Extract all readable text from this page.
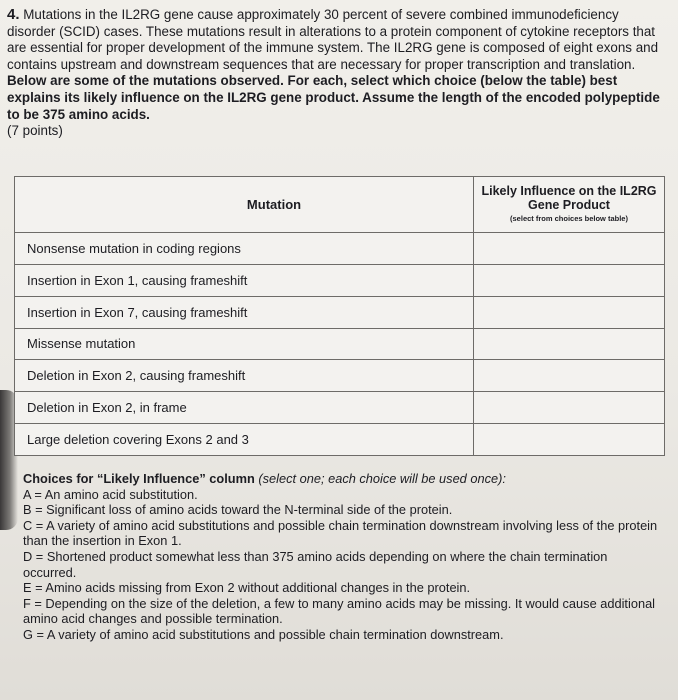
4. Mutations in the IL2RG gene cause approximately 30 percent of severe combined immunodeficiency disorder (SCID) cases. These mutations result in alterations to a protein component of cytokine receptors that are essential for proper development of the immune system. The IL2RG gene is composed of eight exons and contains upstream and downstream sequences that are necessary for proper transcription and translation. Below are some of the mutations observed. For each, select which choice (below the table) best explains its likely influence on the IL2RG gene product. Assume the length of the encoded polypeptide to be 375 amino acids.

(7 points)

Mutation	Likely Influence on the IL2RG Gene Product
(select from choices below table)

Nonsense mutation in coding regions	
Insertion in Exon 1, causing frameshift	
Insertion in Exon 7, causing frameshift	
Missense mutation	
Deletion in Exon 2, causing frameshift	
Deletion in Exon 2, in frame	
Large deletion covering Exons 2 and 3	

Choices for “Likely Influence” column (select one; each choice will be used once):

A = An amino acid substitution.

B = Significant loss of amino acids toward the N-terminal side of the protein.

C = A variety of amino acid substitutions and possible chain termination downstream involving less of the protein than the insertion in Exon 1.

D = Shortened product somewhat less than 375 amino acids depending on where the chain termination occurred.

E = Amino acids missing from Exon 2 without additional changes in the protein.

F = Depending on the size of the deletion, a few to many amino acids may be missing. It would cause additional amino acid changes and possible termination.

G = A variety of amino acid substitutions and possible chain termination downstream.
